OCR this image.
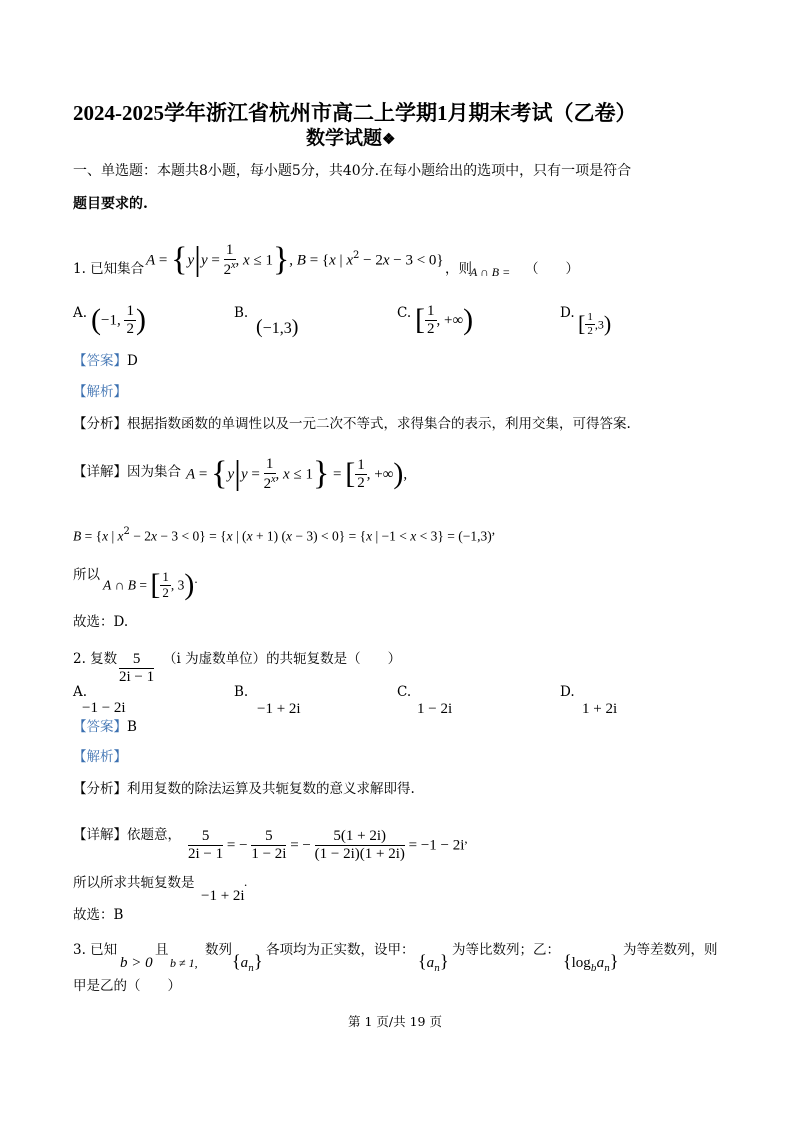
2024-2025学年浙江省杭州市高二上学期1月期末考试（乙卷）
数学试题❖
一、单选题：本题共8小题，每小题5分，共40分.在每小题给出的选项中，只有一项是符合
题目要求的.
1. 已知集合
$A = \{y|y = \frac{1}{2^x}$ , x ≤ 1}, B = {x | $x^2 - 2x - 3 < 0$}
，则
A ∩ B = （　　）
A. (−1, $\frac{1}{2}$ )	B.
(−1,3)
C. [ $\frac{1}{2}$ , +∞)	D. [ $\frac{1}{2} ,3$)
【答案】D
【解析】
【分析】根据指数函数的单调性以及一元二次不等式，求得集合的表示，利用交集，可得答案.
【详解】因为集合 $A = \{y|y = \frac{1}{2^x}$ , x ≤ 1} = [ $\frac{1}{2}$ , +∞),
B = {x | $x^2 - 2x - 3 < 0\} = \{x$ | (x + 1) (x − 3) < 0} = {x | −1 < x < 3} = (−1,3),
所以
A ∩ B = [ $\frac{1}{2}$ , 3).
故选：D.
2. 复数 $\frac{5}{2i - 1} (i$ 为虚数单位）的共轭复数是（　　）
A.
−1 − 2i
B.
−1 + 2i
C.
1 − 2i
D.
1 + 2i
【答案】B
【解析】
【分析】利用复数的除法运算及共轭复数的意义求解即得.
【详解】依题意， $\frac{5}{2i - 1}$ = − $\frac{5}{1 - 2i}$ = − $\frac{5(1 + 2i)}{(1 - 2i)(1 + 2i)} = -1 - 2i^,$
所以所求共轭复数是
−1 + 2i
.
故选：B
3. 已知
b > 0
且
b ≠ 1,
数列
$\{a_n\}$
各项均为正实数，设甲：
$\{a_n\}$
为等比数列；乙：
$\{\log_ba_n\}$
为等差数列，则
甲是乙的（　　）
第 1 页/共 19 页
